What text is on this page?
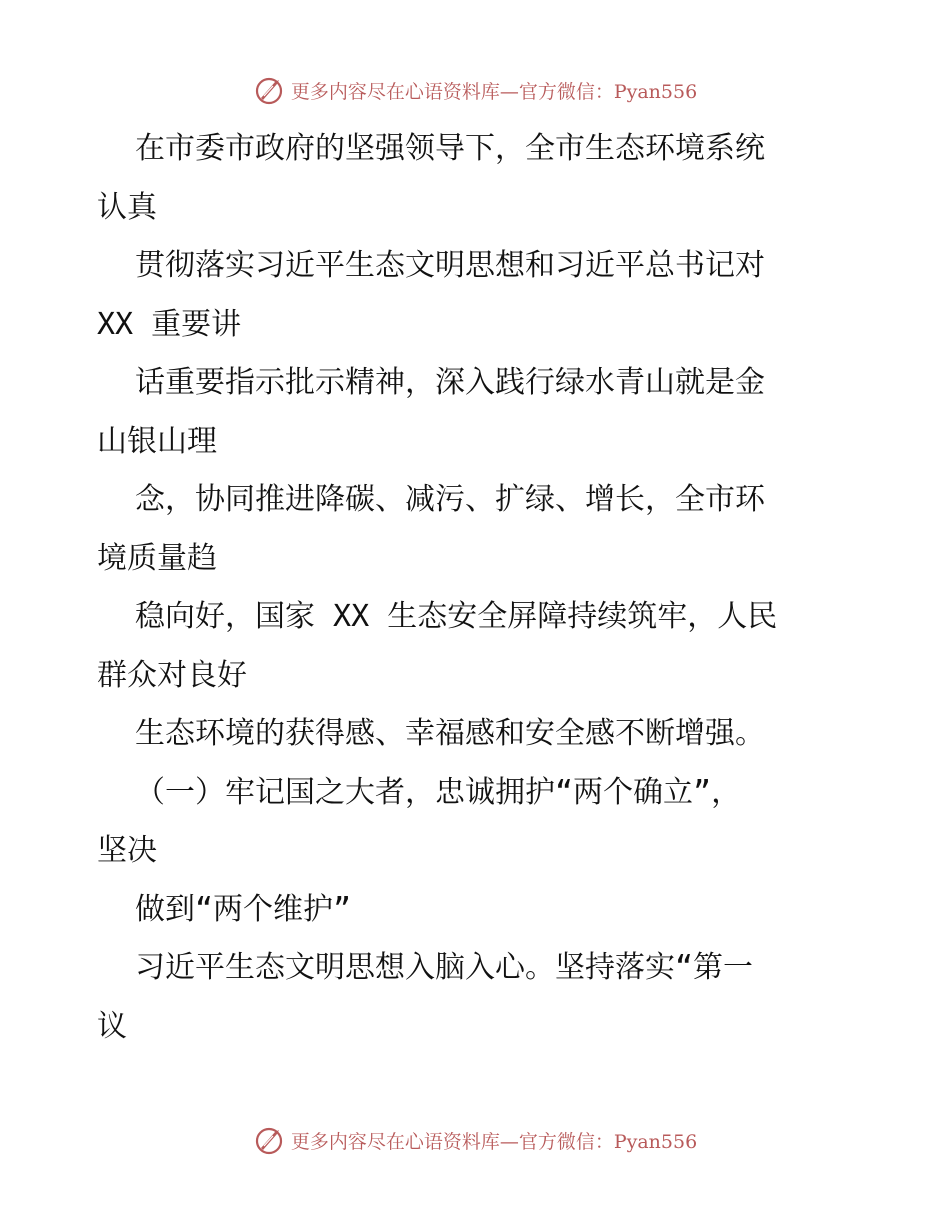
更多内容尽在心语资料库—官方微信：Pyan556
在市委市政府的坚强领导下，全市生态环境系统
认真
贯彻落实习近平生态文明思想和习近平总书记对
XX 重要讲
话重要指示批示精神，深入践行绿水青山就是金
山银山理
念，协同推进降碳、减污、扩绿、增长，全市环
境质量趋
稳向好，国家 XX 生态安全屏障持续筑牢，人民
群众对良好
生态环境的获得感、幸福感和安全感不断增强。
（一）牢记国之大者，忠诚拥护“两个确立”，
坚决
做到“两个维护”
习近平生态文明思想入脑入心。坚持落实“第一
议
更多内容尽在心语资料库—官方微信：Pyan556
